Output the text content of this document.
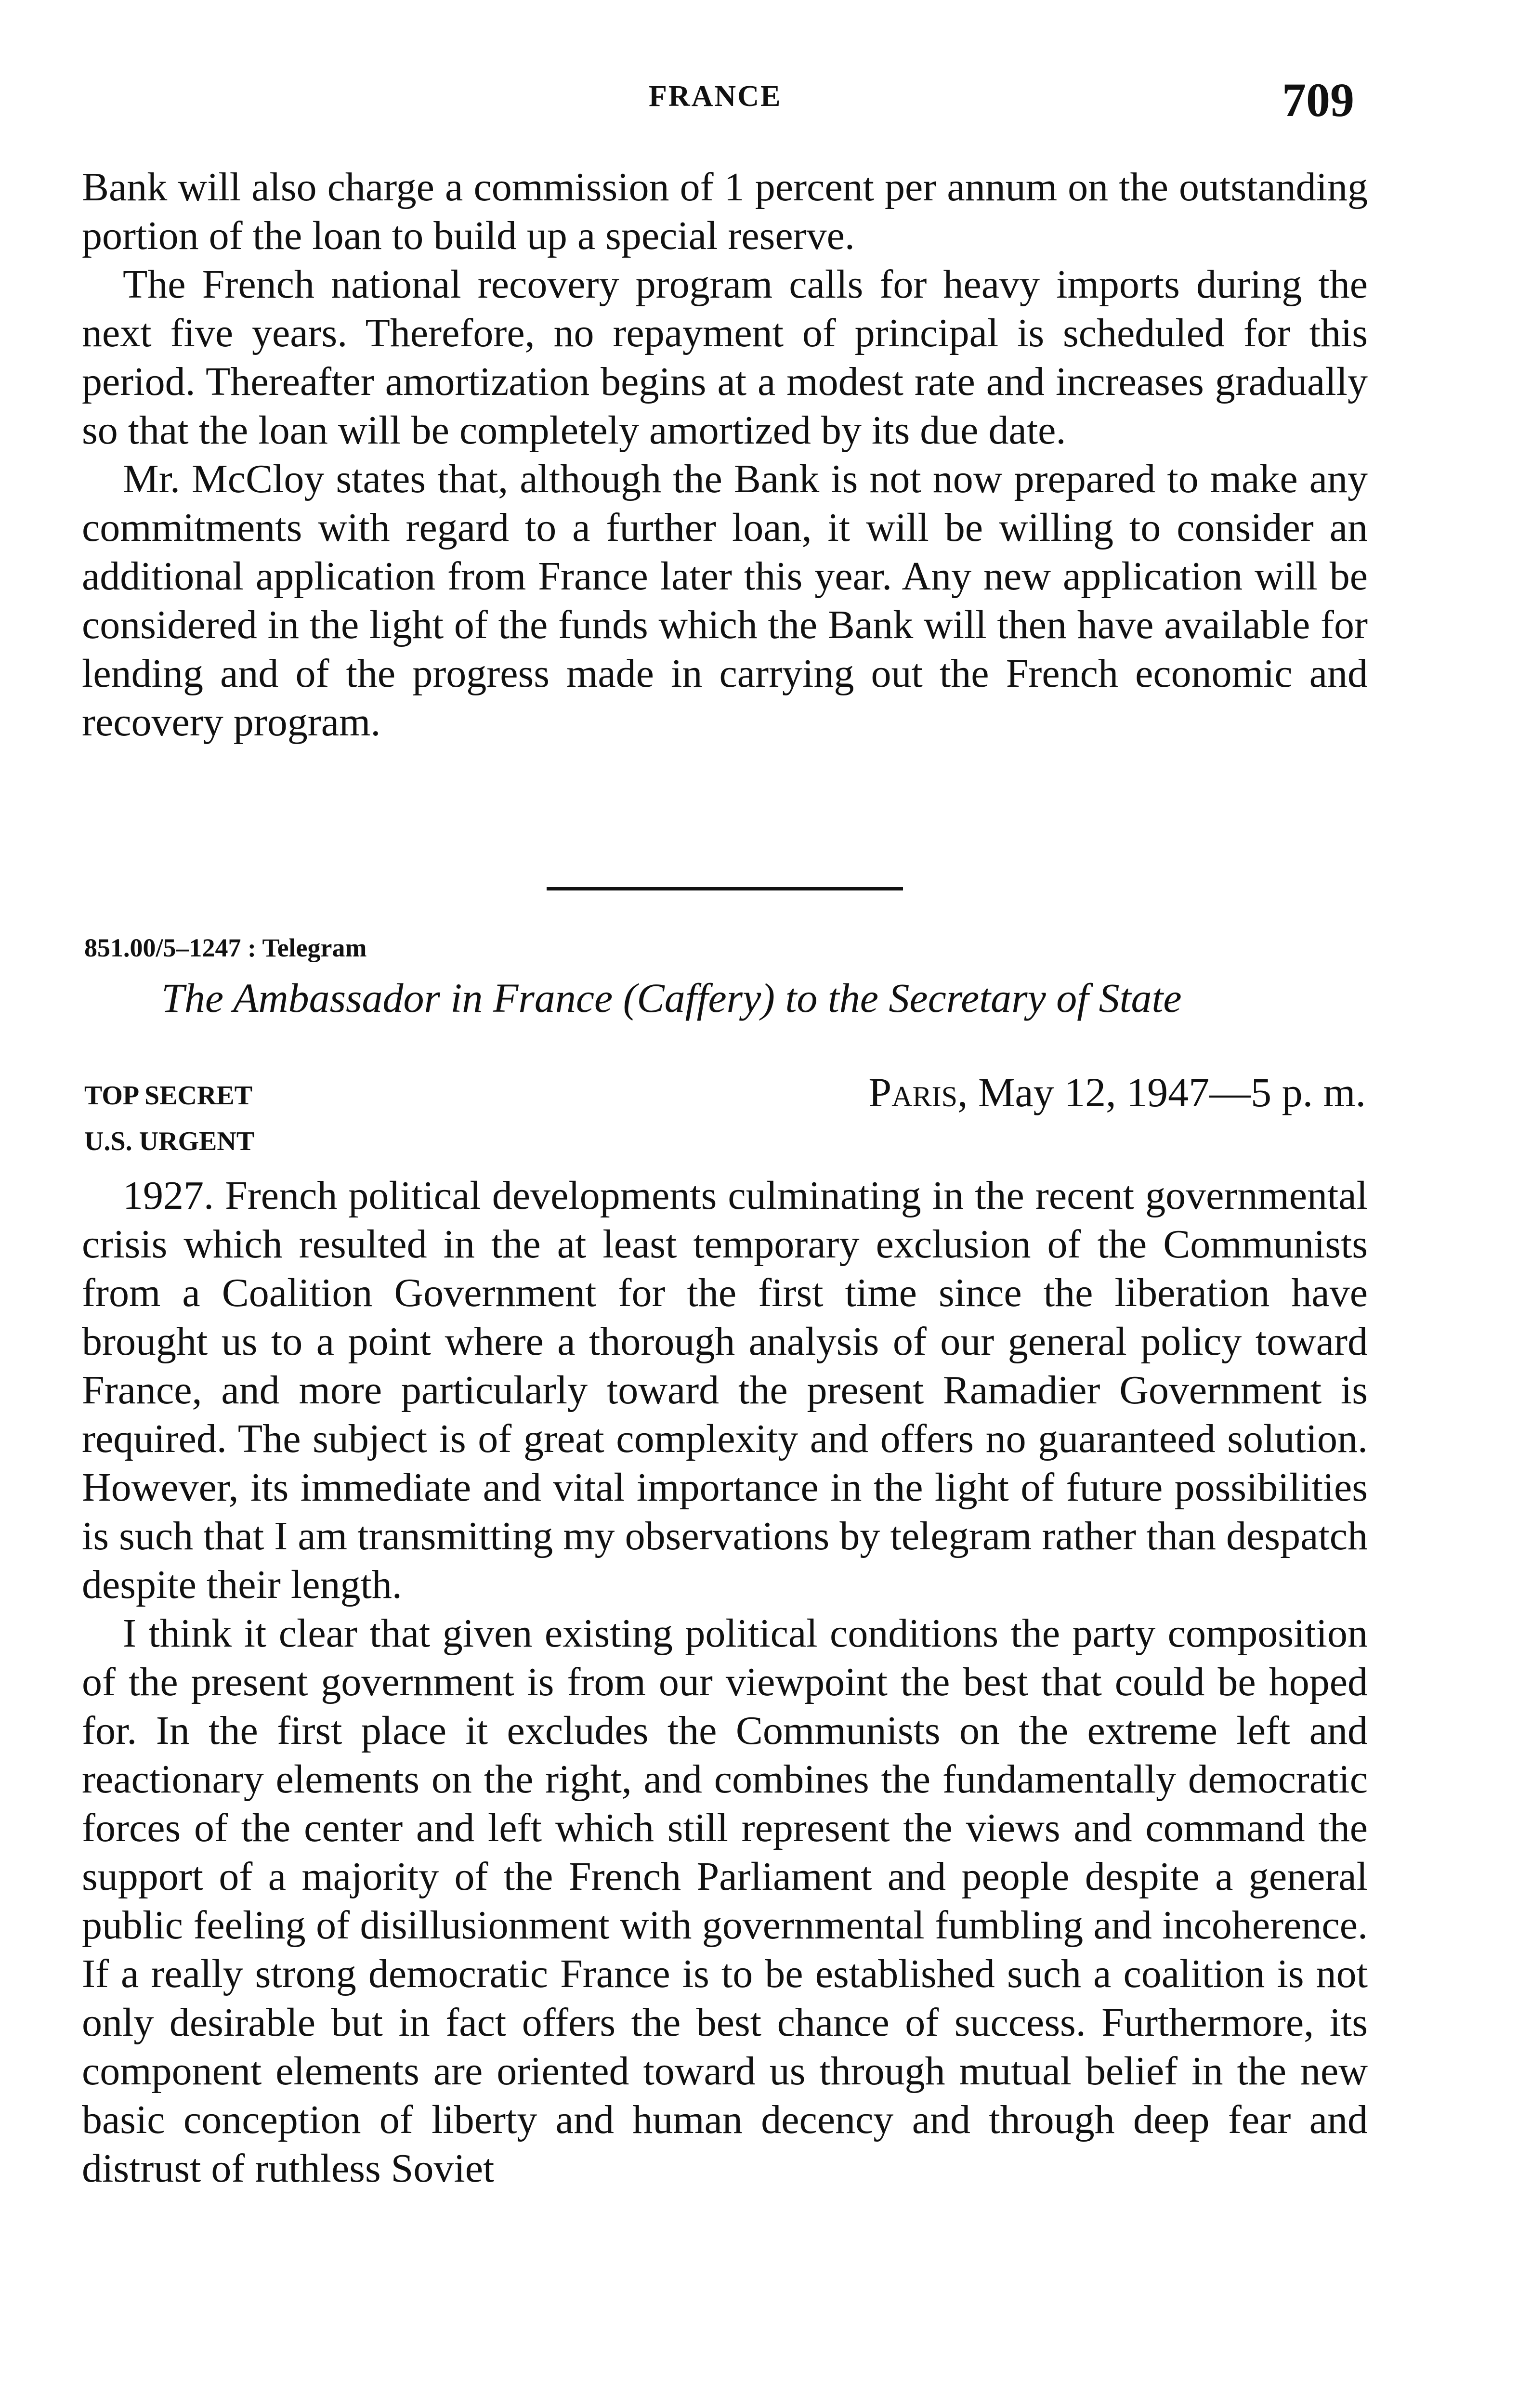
FRANCE	709

Bank will also charge a commission of 1 percent per annum on the outstanding portion of the loan to build up a special reserve.

The French national recovery program calls for heavy imports during the next five years. Therefore, no repayment of principal is scheduled for this period. Thereafter amortization begins at a modest rate and increases gradually so that the loan will be completely amortized by its due date.

Mr. McCloy states that, although the Bank is not now prepared to make any commitments with regard to a further loan, it will be willing to consider an additional application from France later this year. Any new application will be considered in the light of the funds which the Bank will then have available for lending and of the progress made in carrying out the French economic and recovery program.

851.00/5–1247 : Telegram
The Ambassador in France (Caffery) to the Secretary of State
TOP SECRET	Paris, May 12, 1947—5 p. m.
U.S. URGENT

1927. French political developments culminating in the recent governmental crisis which resulted in the at least temporary exclusion of the Communists from a Coalition Government for the first time since the liberation have brought us to a point where a thorough analysis of our general policy toward France, and more particularly toward the present Ramadier Government is required. The subject is of great complexity and offers no guaranteed solution. However, its immediate and vital importance in the light of future possibilities is such that I am transmitting my observations by telegram rather than despatch despite their length.

I think it clear that given existing political conditions the party composition of the present government is from our viewpoint the best that could be hoped for. In the first place it excludes the Communists on the extreme left and reactionary elements on the right, and combines the fundamentally democratic forces of the center and left which still represent the views and command the support of a majority of the French Parliament and people despite a general public feeling of disillusionment with governmental fumbling and incoherence. If a really strong democratic France is to be established such a coalition is not only desirable but in fact offers the best chance of success. Furthermore, its component elements are oriented toward us through mutual belief in the new basic conception of liberty and human decency and through deep fear and distrust of ruthless Soviet
